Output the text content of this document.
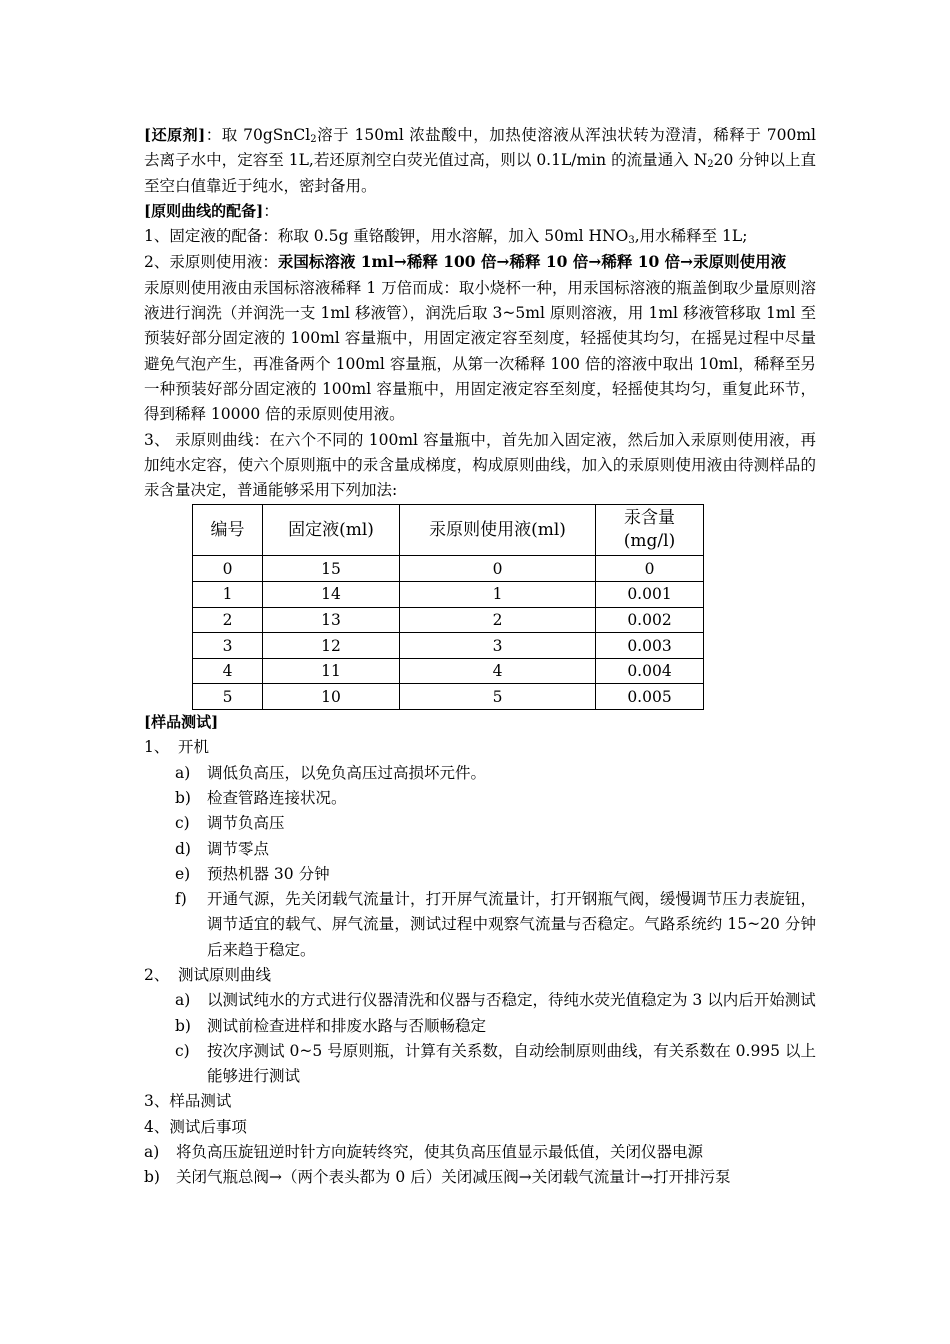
[还原剂]：取 70gSnCl$_2$溶于 150ml 浓盐酸中，加热使溶液从浑浊状转为澄清，稀释于 700ml 去离子水中，定容至 1L,若还原剂空白荧光值过高，则以 0.1L/min 的流量通入 $N_220$ 分钟以上直至空白值靠近于纯水，密封备用。

[原则曲线的配备]：

1、固定液的配备：称取 0.5g 重铬酸钾，用水溶解，加入 50ml $HNO_3$,用水稀释至 1L;

2、汞原则使用液：汞国标溶液 1ml→稀释 100 倍→稀释 10 倍→稀释 10 倍→汞原则使用液

汞原则使用液由汞国标溶液稀释 1 万倍而成：取小烧杯一种，用汞国标溶液的瓶盖倒取少量原则溶液进行润洗（并润洗一支 1ml 移液管），润洗后取 3~5ml 原则溶液，用 1ml 移液管移取 1ml 至预装好部分固定液的 100ml 容量瓶中，用固定液定容至刻度，轻摇使其均匀，在摇晃过程中尽量避免气泡产生，再准备两个 100ml 容量瓶，从第一次稀释 100 倍的溶液中取出 10ml，稀释至另一种预装好部分固定液的 100ml 容量瓶中，用固定液定容至刻度，轻摇使其均匀，重复此环节，得到稀释 10000 倍的汞原则使用液。

3、 汞原则曲线：在六个不同的 100ml 容量瓶中，首先加入固定液，然后加入汞原则使用液，再加纯水定容，使六个原则瓶中的汞含量成梯度，构成原则曲线，加入的汞原则使用液由待测样品的汞含量决定，普通能够采用下列加法:

编号	固定液(ml)	汞原则使用液(ml)	汞含量 (mg/l)
0	15	0	0
1	14	1	0.001
2	13	2	0.002
3	12	3	0.003
4	11	4	0.004
5	10	5	0.005

[样品测试]

1、 开机
a)	调低负高压，以免负高压过高损坏元件。
b)	检查管路连接状况。
c)	调节负高压
d)	调节零点
e)	预热机器 30 分钟
f)	开通气源，先关闭载气流量计，打开屏气流量计，打开钢瓶气阀，缓慢调节压力表旋钮，调节适宜的载气、屏气流量，测试过程中观察气流量与否稳定。气路系统约 15~20 分钟后来趋于稳定。
2、 测试原则曲线
a)	以测试纯水的方式进行仪器清洗和仪器与否稳定，待纯水荧光值稳定为 3 以内后开始测试
b)	测试前检查进样和排废水路与否顺畅稳定
c)	按次序测试 0~5 号原则瓶，计算有关系数，自动绘制原则曲线，有关系数在 0.995 以上能够进行测试

3、样品测试

4、测试后事项

a)	将负高压旋钮逆时针方向旋转终究，使其负高压值显示最低值，关闭仪器电源
b)	关闭气瓶总阀→（两个表头都为 0 后）关闭减压阀→关闭载气流量计→打开排污泵
